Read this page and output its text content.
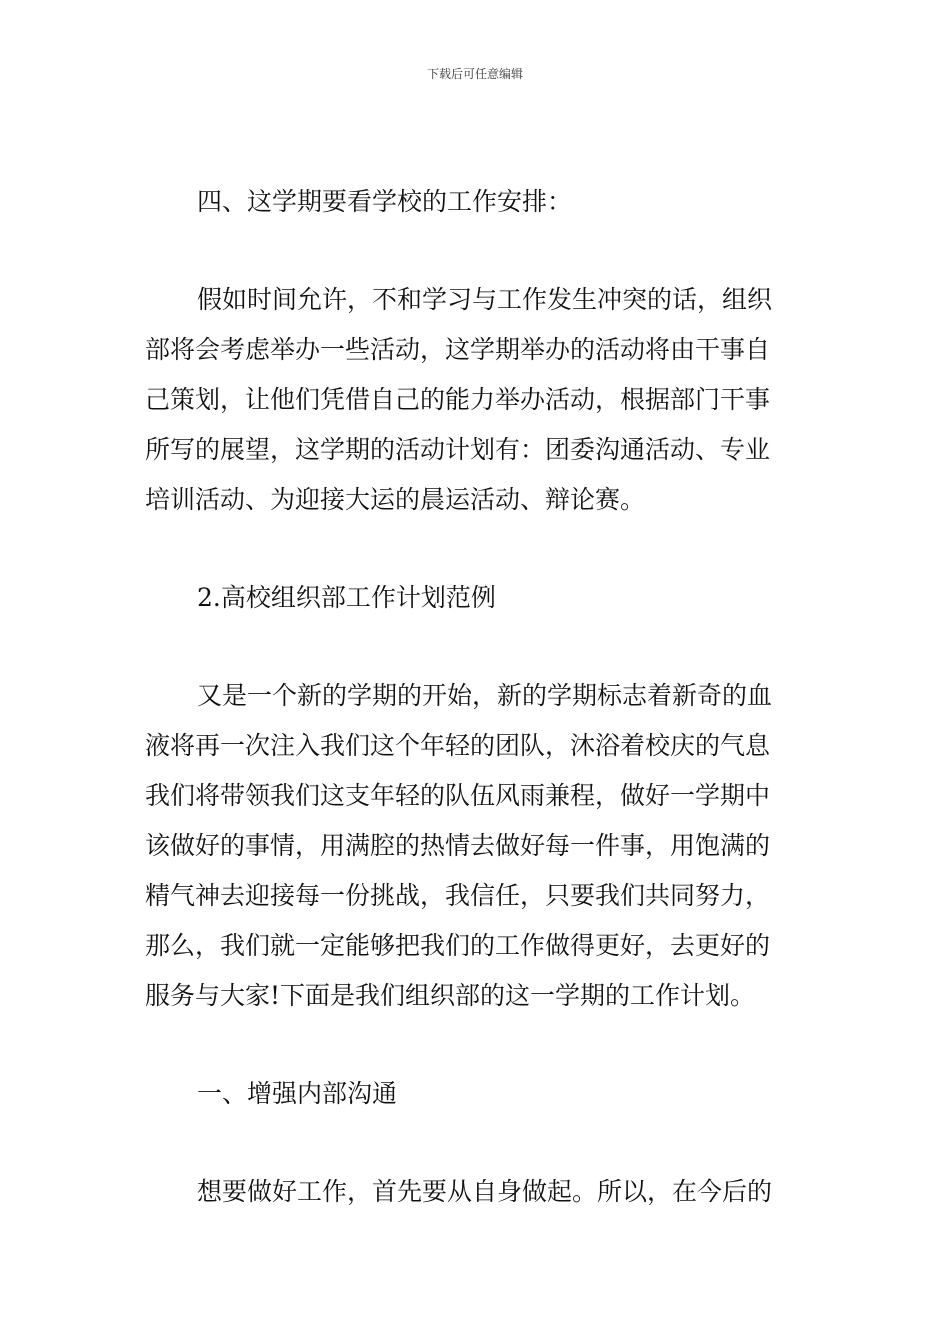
下载后可任意编辑
四、这学期要看学校的工作安排：
假如时间允许，不和学习与工作发生冲突的话，组织
部将会考虑举办一些活动，这学期举办的活动将由干事自
己策划，让他们凭借自己的能力举办活动，根据部门干事
所写的展望，这学期的活动计划有：团委沟通活动、专业
培训活动、为迎接大运的晨运活动、辩论赛。
2.高校组织部工作计划范例
又是一个新的学期的开始，新的学期标志着新奇的血
液将再一次注入我们这个年轻的团队，沐浴着校庆的气息
我们将带领我们这支年轻的队伍风雨兼程，做好一学期中
该做好的事情，用满腔的热情去做好每一件事，用饱满的
精气神去迎接每一份挑战，我信任，只要我们共同努力，
那么，我们就一定能够把我们的工作做得更好，去更好的
服务与大家!下面是我们组织部的这一学期的工作计划。
一、增强内部沟通
想要做好工作，首先要从自身做起。所以，在今后的
